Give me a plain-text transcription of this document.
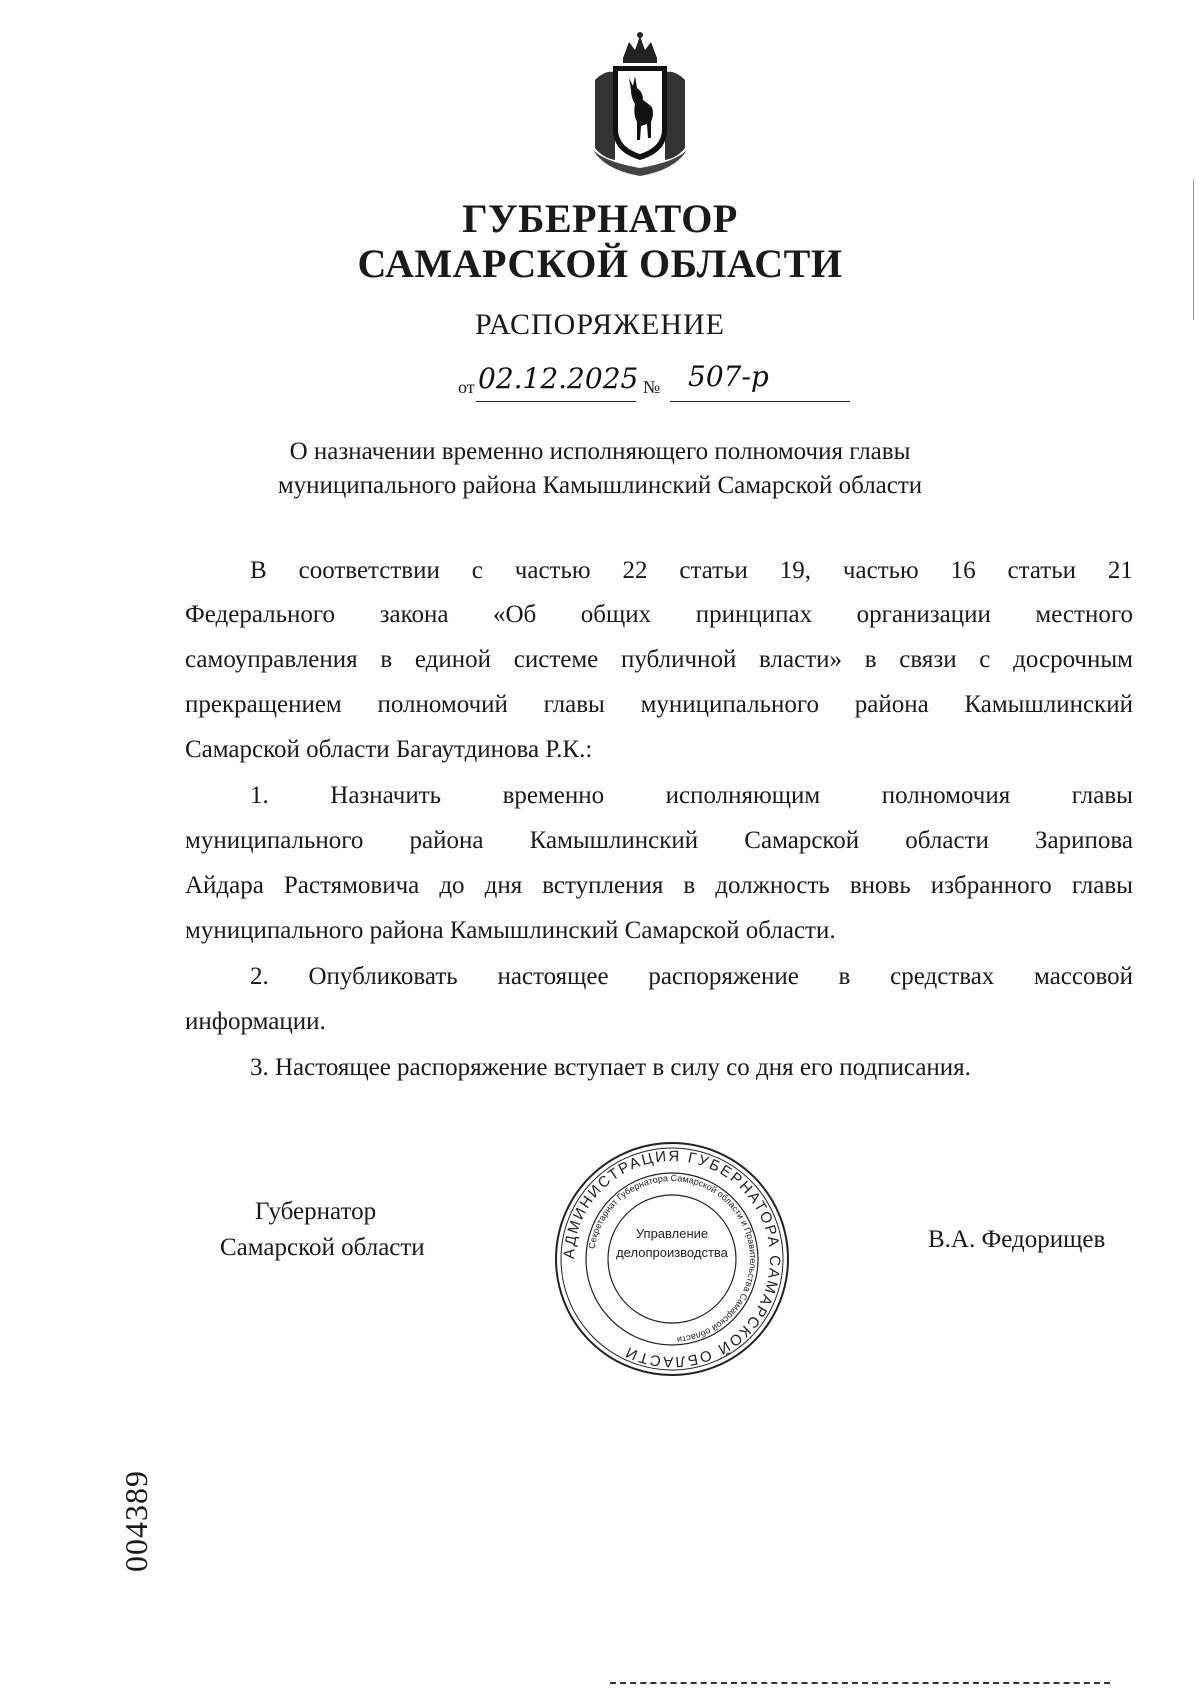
ГУБЕРНАТОР
САМАРСКОЙ ОБЛАСТИ
РАСПОРЯЖЕНИЕ
от 02.12.2025 № 507-р
О назначении временно исполняющего полномочия главы
муниципального района Камышлинский Самарской области
В соответствии с частью 22 статьи 19, частью 16 статьи 21
Федерального закона «Об общих принципах организации местного
самоуправления в единой системе публичной власти» в связи с досрочным
прекращением полномочий главы муниципального района Камышлинский
Самарской области Багаутдинова Р.К.:
1. Назначить временно исполняющим полномочия главы
муниципального района Камышлинский Самарской области Зарипова
Айдара Растямовича до дня вступления в должность вновь избранного главы
муниципального района Камышлинский Самарской области.
2. Опубликовать настоящее распоряжение в средствах массовой
информации.
3. Настоящее распоряжение вступает в силу со дня его подписания.
Губернатор
Самарской области	В.А. Федорищев
АДМИНИСТРАЦИЯ ГУБЕРНАТОРА САМАРСКОЙ ОБЛАСТИ
Секретариат Губернатора Самарской области и Правительства Самарской области
Управление
делопроизводства
004389
